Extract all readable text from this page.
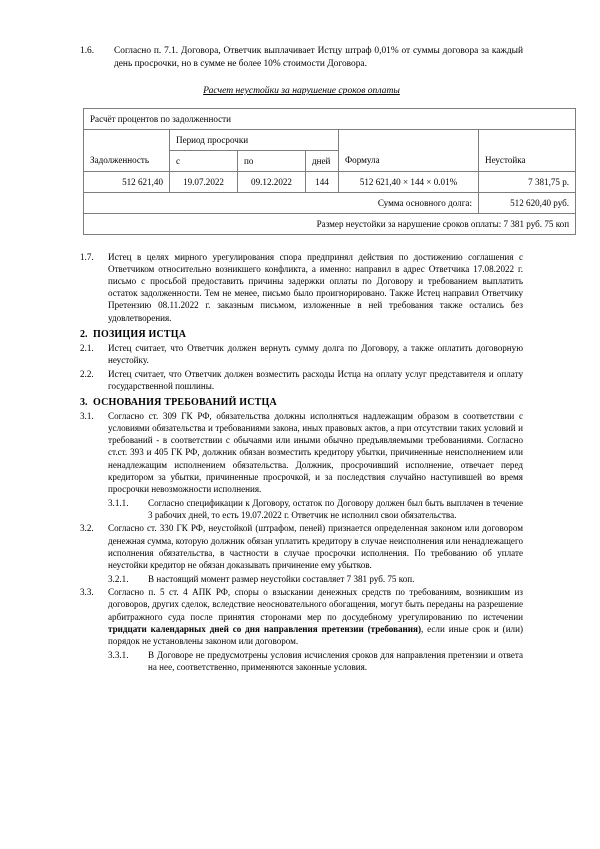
1.6.	Согласно п. 7.1. Договора, Ответчик выплачивает Истцу штраф 0,01% от суммы договора за каждый день просрочки, но в сумме не более 10% стоимости Договора.
Расчет неустойки за нарушение сроков оплаты
Расчёт процентов по задолженности					
	Период просрочки				
Задолженность	с	по	дней	Формула	Неустойка
512 621,40	19.07.2022	09.12.2022	144	512 621,40 × 144 × 0.01%	7 381,75 р.
Сумма основного долга:					512 620,40 руб.
Размер неустойки за нарушение сроков оплаты: 7 381 руб. 75 коп					
1.7.	Истец в целях мирного урегулирования спора предпринял действия по достижению соглашения с Ответчиком относительно возникшего конфликта, а именно: направил в адрес Ответчика 17.08.2022 г. письмо с просьбой предоставить причины задержки оплаты по Договору и требованием выплатить остаток задолженности. Тем не менее, письмо было проигнорировано. Также Истец направил Ответчику Претензию 08.11.2022 г. заказным письмом, изложенные в ней требования также остались без удовлетворения.
2. ПОЗИЦИЯ ИСТЦА
2.1.	Истец считает, что Ответчик должен вернуть сумму долга по Договору, а также оплатить договорную неустойку.
2.2.	Истец считает, что Ответчик должен возместить расходы Истца на оплату услуг представителя и оплату государственной пошлины.
3. ОСНОВАНИЯ ТРЕБОВАНИЙ ИСТЦА
3.1.	Согласно ст. 309 ГК РФ, обязательства должны исполняться надлежащим образом в соответствии с условиями обязательства и требованиями закона, иных правовых актов, а при отсутствии таких условий и требований - в соответствии с обычаями или иными обычно предъявляемыми требованиями. Согласно ст.ст. 393 и 405 ГК РФ, должник обязан возместить кредитору убытки, причиненные неисполнением или ненадлежащим исполнением обязательства. Должник, просрочивший исполнение, отвечает перед кредитором за убытки, причиненные просрочкой, и за последствия случайно наступившей во время просрочки невозможности исполнения.
3.1.1.	Согласно спецификации к Договору, остаток по Договору должен был быть выплачен в течение 3 рабочих дней, то есть 19.07.2022 г. Ответчик не исполнил свои обязательства.
3.2.	Согласно ст. 330 ГК РФ, неустойкой (штрафом, пеней) признается определенная законом или договором денежная сумма, которую должник обязан уплатить кредитору в случае неисполнения или ненадлежащего исполнения обязательства, в частности в случае просрочки исполнения. По требованию об уплате неустойки кредитор не обязан доказывать причинение ему убытков.
3.2.1.	В настоящий момент размер неустойки составляет 7 381 руб. 75 коп.
3.3.	Согласно п. 5 ст. 4 АПК РФ, споры о взыскании денежных средств по требованиям, возникшим из договоров, других сделок, вследствие неосновательного обогащения, могут быть переданы на разрешение арбитражного суда после принятия сторонами мер по досудебному урегулированию по истечении тридцати календарных дней со дня направления претензии (требования), если иные срок и (или) порядок не установлены законом или договором.
3.3.1.	В Договоре не предусмотрены условия исчисления сроков для направления претензии и ответа на нее, соответственно, применяются законные условия.
